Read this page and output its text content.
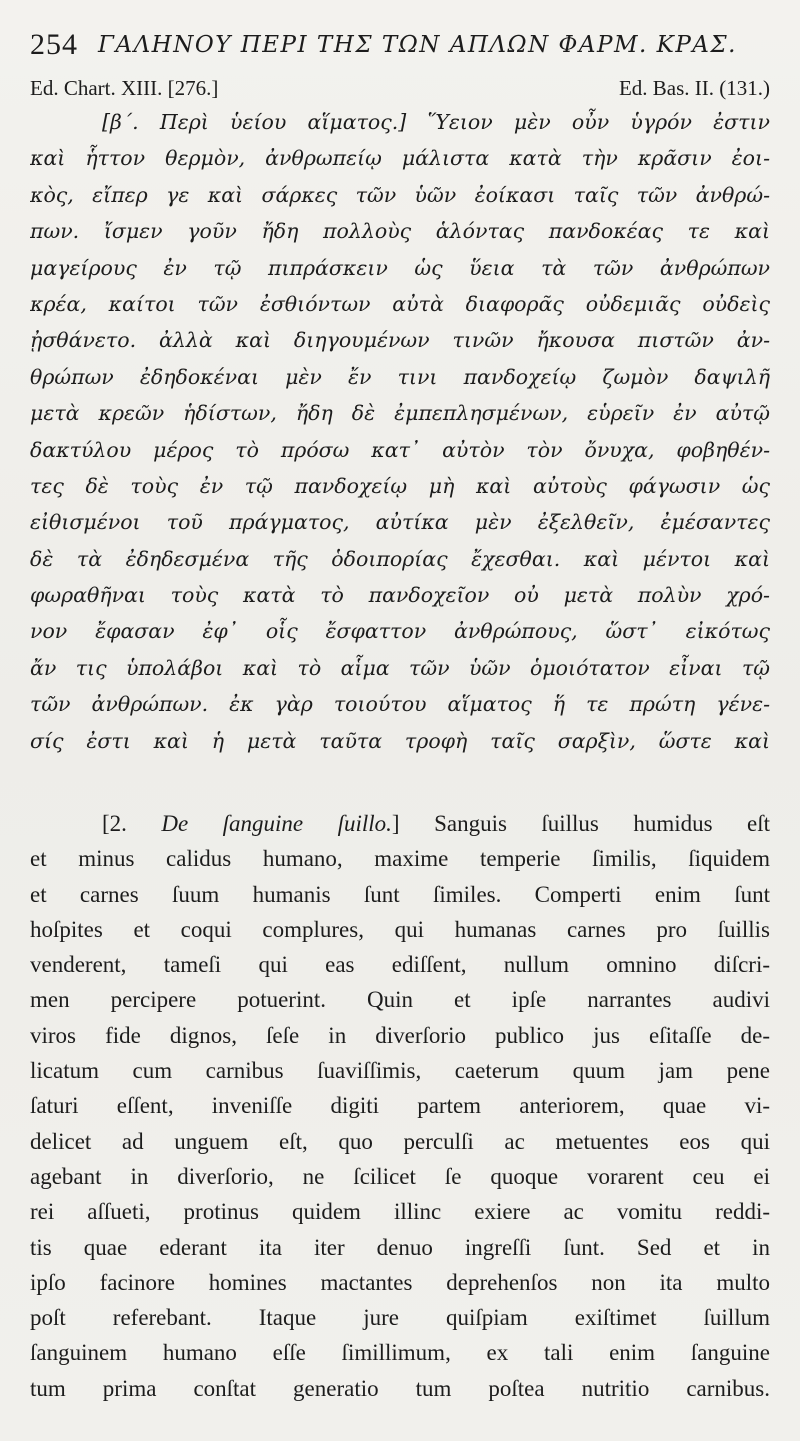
254 ΓΑΛΗΝΟΥ ΠΕΡΙ ΤΗΣ ΤΩΝ ΑΠΛΩΝ ΦΑΡΜ. ΚΡΑΣ.
Ed. Chart. XIII. [276.]	Ed. Bas. II. (131.)
[β΄. Περὶ ὑείου αἵματος.] Ὕειον μὲν οὖν ὑγρόν ἐστιν
καὶ ἧττον θερμὸν, ἀνθρωπείῳ μάλιστα κατὰ τὴν κρᾶσιν ἐοι-
κὸς, εἴπερ γε καὶ σάρκες τῶν ὑῶν ἐοίκασι ταῖς τῶν ἀνθρώ-
πων. ἴσμεν γοῦν ἤδη πολλοὺς ἁλόντας πανδοκέας τε καὶ
μαγείρους ἐν τῷ πιπράσκειν ὡς ὕεια τὰ τῶν ἀνθρώπων
κρέα, καίτοι τῶν ἐσθιόντων αὐτὰ διαφορᾶς οὐδεμιᾶς οὐδεὶς
ᾐσθάνετο. ἀλλὰ καὶ διηγουμένων τινῶν ἤκουσα πιστῶν ἀν-
θρώπων ἐδηδοκέναι μὲν ἔν τινι πανδοχείῳ ζωμὸν δαψιλῆ
μετὰ κρεῶν ἡδίστων, ἤδη δὲ ἐμπεπλησμένων, εὑρεῖν ἐν αὐτῷ
δακτύλου μέρος τὸ πρόσω κατ᾽ αὐτὸν τὸν ὄνυχα, φοβηθέν-
τες δὲ τοὺς ἐν τῷ πανδοχείῳ μὴ καὶ αὐτοὺς φάγωσιν ὡς
εἰθισμένοι τοῦ πράγματος, αὐτίκα μὲν ἐξελθεῖν, ἐμέσαντες
δὲ τὰ ἐδηδεσμένα τῆς ὁδοιπορίας ἔχεσθαι. καὶ μέντοι καὶ
φωραθῆναι τοὺς κατὰ τὸ πανδοχεῖον οὐ μετὰ πολὺν χρό-
νον ἔφασαν ἐφ᾽ οἷς ἔσφαττον ἀνθρώπους, ὥστ᾽ εἰκότως
ἄν τις ὑπολάβοι καὶ τὸ αἷμα τῶν ὑῶν ὁμοιότατον εἶναι τῷ
τῶν ἀνθρώπων. ἐκ γὰρ τοιούτου αἵματος ἥ τε πρώτη γένε-
σίς ἐστι καὶ ἡ μετὰ ταῦτα τροφὴ ταῖς σαρξὶν, ὥστε καὶ
[2. De ſanguine ſuillo.] Sanguis ſuillus humidus eſt
et minus calidus humano, maxime temperie ſimilis, ſiquidem
et carnes ſuum humanis ſunt ſimiles. Comperti enim ſunt
hoſpites et coqui complures, qui humanas carnes pro ſuillis
venderent, tameſi qui eas ediſſent, nullum omnino diſcri-
men percipere potuerint. Quin et ipſe narrantes audivi
viros fide dignos, ſeſe in diverſorio publico jus eſitaſſe de-
licatum cum carnibus ſuaviſſimis, caeterum quum jam pene
ſaturi eſſent, inveniſſe digiti partem anteriorem, quae vi-
delicet ad unguem eſt, quo perculſi ac metuentes eos qui
agebant in diverſorio, ne ſcilicet ſe quoque vorarent ceu ei
rei aſſueti, protinus quidem illinc exiere ac vomitu reddi-
tis quae ederant ita iter denuo ingreſſi ſunt. Sed et in
ipſo facinore homines mactantes deprehenſos non ita multo
poſt referebant. Itaque jure quiſpiam exiſtimet ſuillum
ſanguinem humano eſſe ſimillimum, ex tali enim ſanguine
tum prima conſtat generatio tum poſtea nutritio carnibus.
